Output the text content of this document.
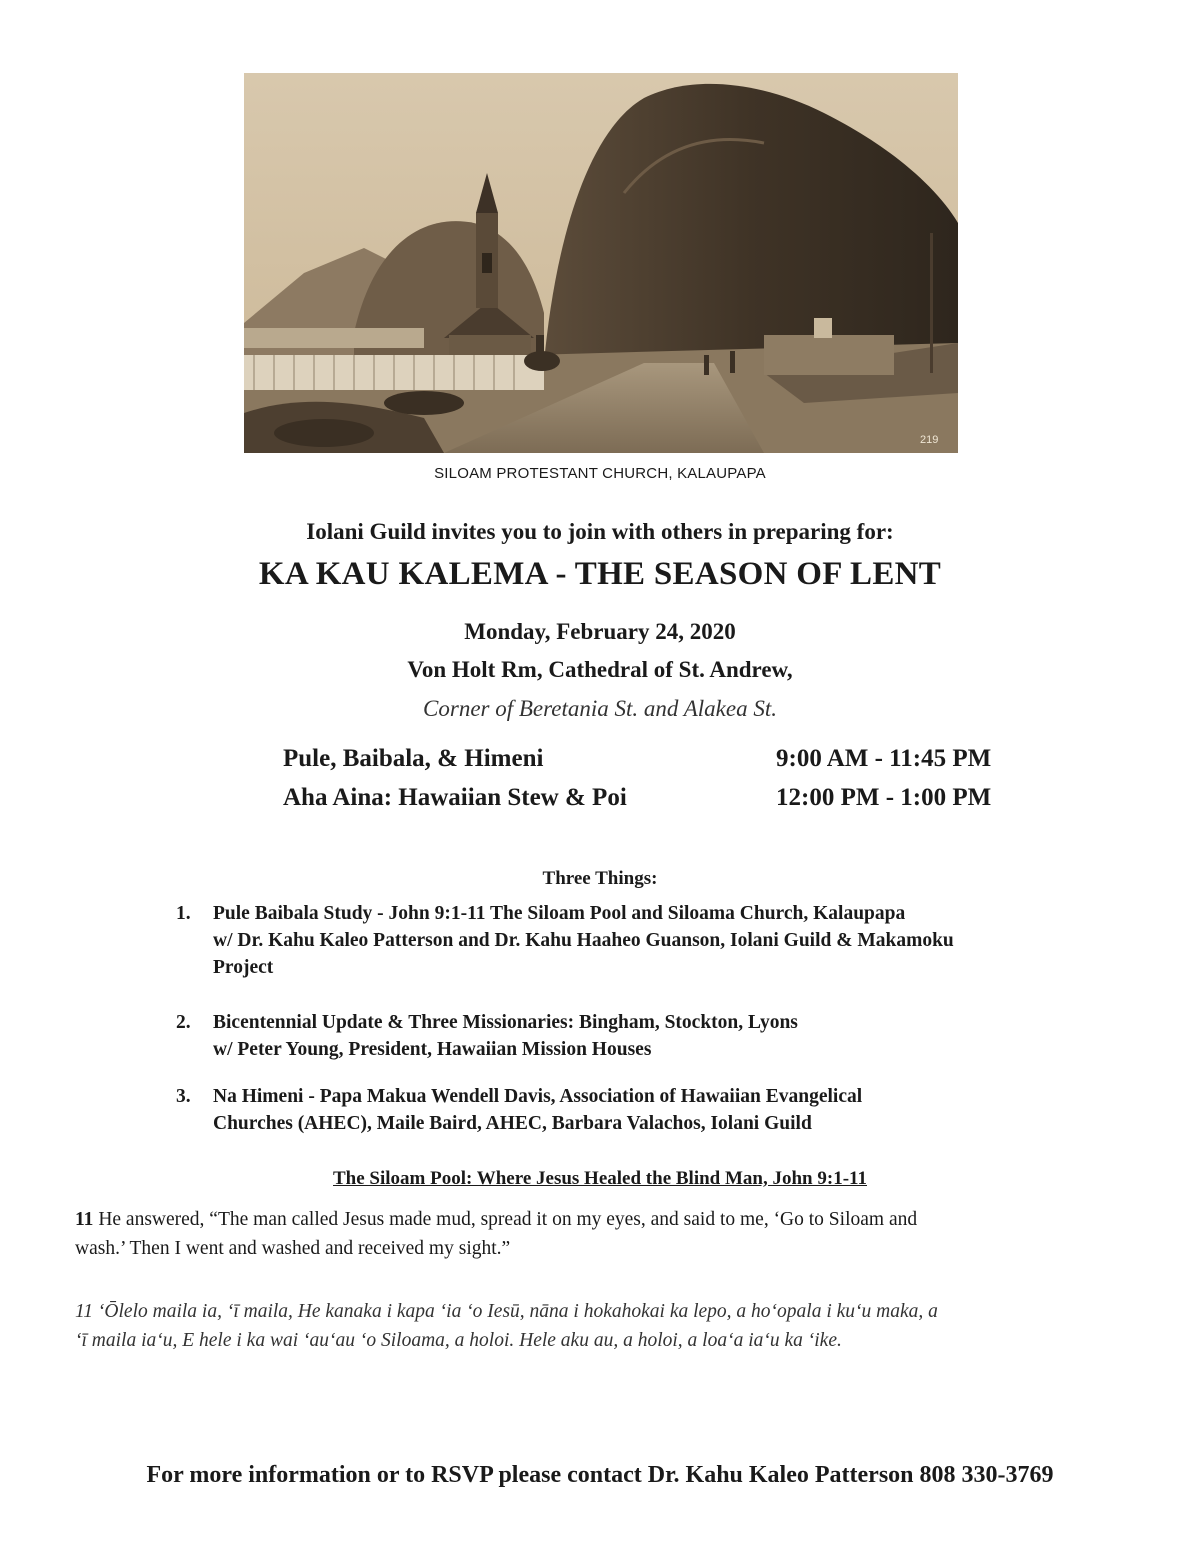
219
SILOAM PROTESTANT CHURCH, KALAUPAPA
Iolani Guild invites you to join with others in preparing for:
KA KAU KALEMA - THE SEASON OF LENT
Monday, February 24, 2020
Von Holt Rm, Cathedral of St. Andrew,
Corner of Beretania St. and Alakea St.
Pule, Baibala, & Himeni	9:00 AM - 11:45 PM
Aha Aina: Hawaiian Stew & Poi	12:00 PM - 1:00 PM
Three Things:
1. Pule Baibala Study - John 9:1-11 The Siloam Pool and Siloama Church, Kalaupapa
w/ Dr. Kahu Kaleo Patterson and Dr. Kahu Haaheo Guanson, Iolani Guild & Makamoku
Project
2. Bicentennial Update & Three Missionaries: Bingham, Stockton, Lyons
w/ Peter Young, President, Hawaiian Mission Houses
3. Na Himeni - Papa Makua Wendell Davis, Association of Hawaiian Evangelical
Churches (AHEC), Maile Baird, AHEC, Barbara Valachos, Iolani Guild
The Siloam Pool: Where Jesus Healed the Blind Man, John 9:1-11
11 He answered, “The man called Jesus made mud, spread it on my eyes, and said to me, ‘Go to Siloam and
wash.’ Then I went and washed and received my sight.”
11 ‘Ōlelo maila ia, ‘ī maila, He kanaka i kapa ‘ia ‘o Iesū, nāna i hokahokai ka lepo, a ho‘opala i ku‘u maka, a
‘ī maila ia‘u, E hele i ka wai ‘au‘au ‘o Siloama, a holoi. Hele aku au, a holoi, a loa‘a ia‘u ka ‘ike.
For more information or to RSVP please contact Dr. Kahu Kaleo Patterson 808 330-3769
